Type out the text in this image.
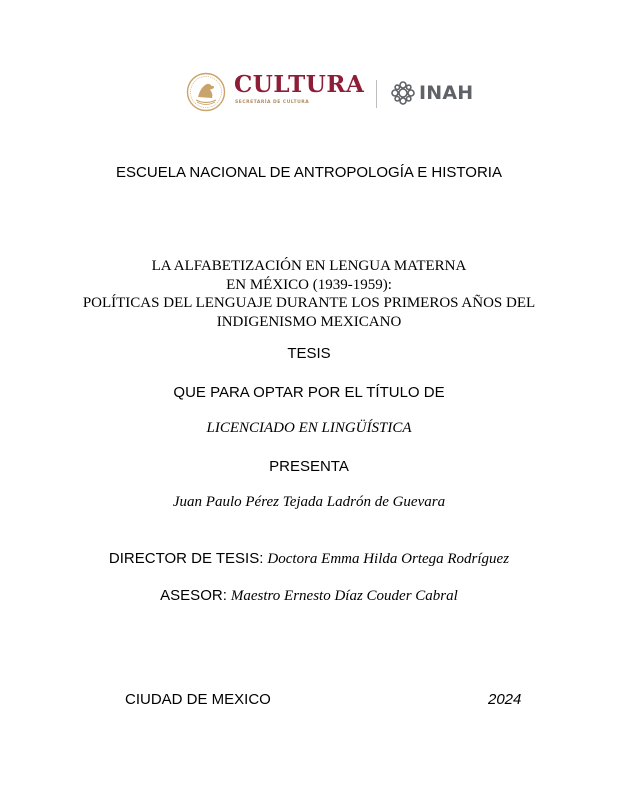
CULTURA
SECRETARÍA DE CULTURA	INAH
ESCUELA NACIONAL DE ANTROPOLOGÍA E HISTORIA
LA ALFABETIZACIÓN EN LENGUA MATERNA
EN MÉXICO (1939-1959):
POLÍTICAS DEL LENGUAJE DURANTE LOS PRIMEROS AÑOS DEL
INDIGENISMO MEXICANO
TESIS
QUE PARA OPTAR POR EL TÍTULO DE
LICENCIADO EN LINGÜÍSTICA
PRESENTA
Juan Paulo Pérez Tejada Ladrón de Guevara
DIRECTOR DE TESIS: Doctora Emma Hilda Ortega Rodríguez
ASESOR: Maestro Ernesto Díaz Couder Cabral
CIUDAD DE MEXICO	2024
